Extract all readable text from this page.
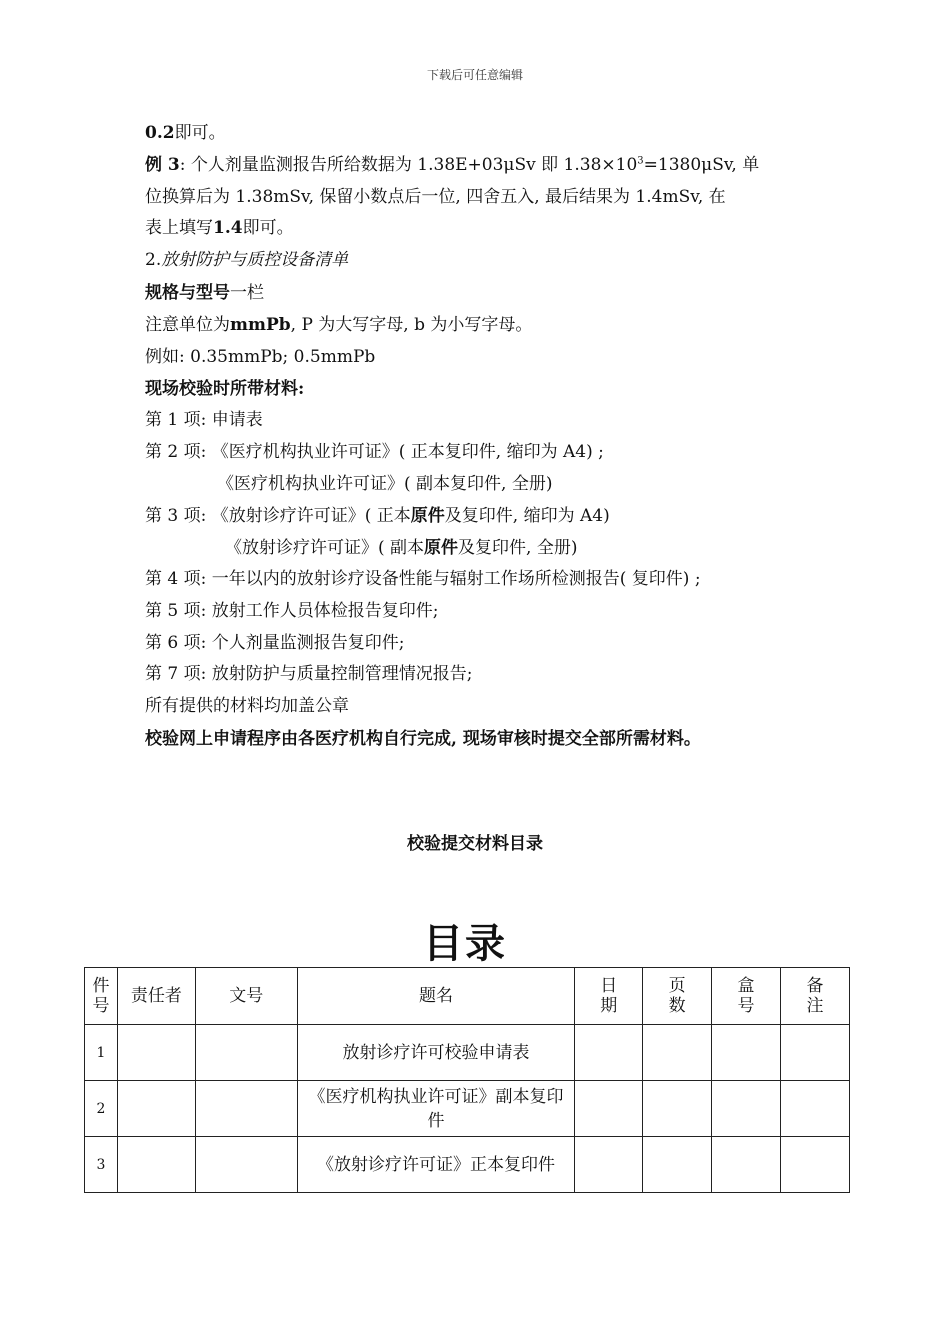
下载后可任意编辑
0.2即可。
例 3: 个人剂量监测报告所给数据为 1.38E+03μSv 即 $1.38\times 10^3=1380\mu Sv$, 单
位换算后为 1.38mSv, 保留小数点后一位, 四舍五入, 最后结果为 1.4mSv, 在
表上填写1.4即可。
2.放射防护与质控设备清单
规格与型号一栏
注意单位为mmPb, P 为大写字母, b 为小写字母。
例如: 0.35mmPb; 0.5mmPb
现场校验时所带材料:
第 1 项: 申请表
第 2 项: 《医疗机构执业许可证》( 正本复印件, 缩印为 A4) ;
《医疗机构执业许可证》( 副本复印件, 全册)
第 3 项: 《放射诊疗许可证》( 正本原件及复印件, 缩印为 A4)
《放射诊疗许可证》( 副本原件及复印件, 全册)
第 4 项: 一年以内的放射诊疗设备性能与辐射工作场所检测报告( 复印件) ;
第 5 项: 放射工作人员体检报告复印件;
第 6 项: 个人剂量监测报告复印件;
第 7 项: 放射防护与质量控制管理情况报告;
所有提供的材料均加盖公章
校验网上申请程序由各医疗机构自行完成, 现场审核时提交全部所需材料。
校验提交材料目录
目录
件号	责任者	文号	题名	日期	页数	盒号	备注

1			放射诊疗许可校验申请表				
2			《医疗机构执业许可证》副本复印件				
3			《放射诊疗许可证》正本复印件				
